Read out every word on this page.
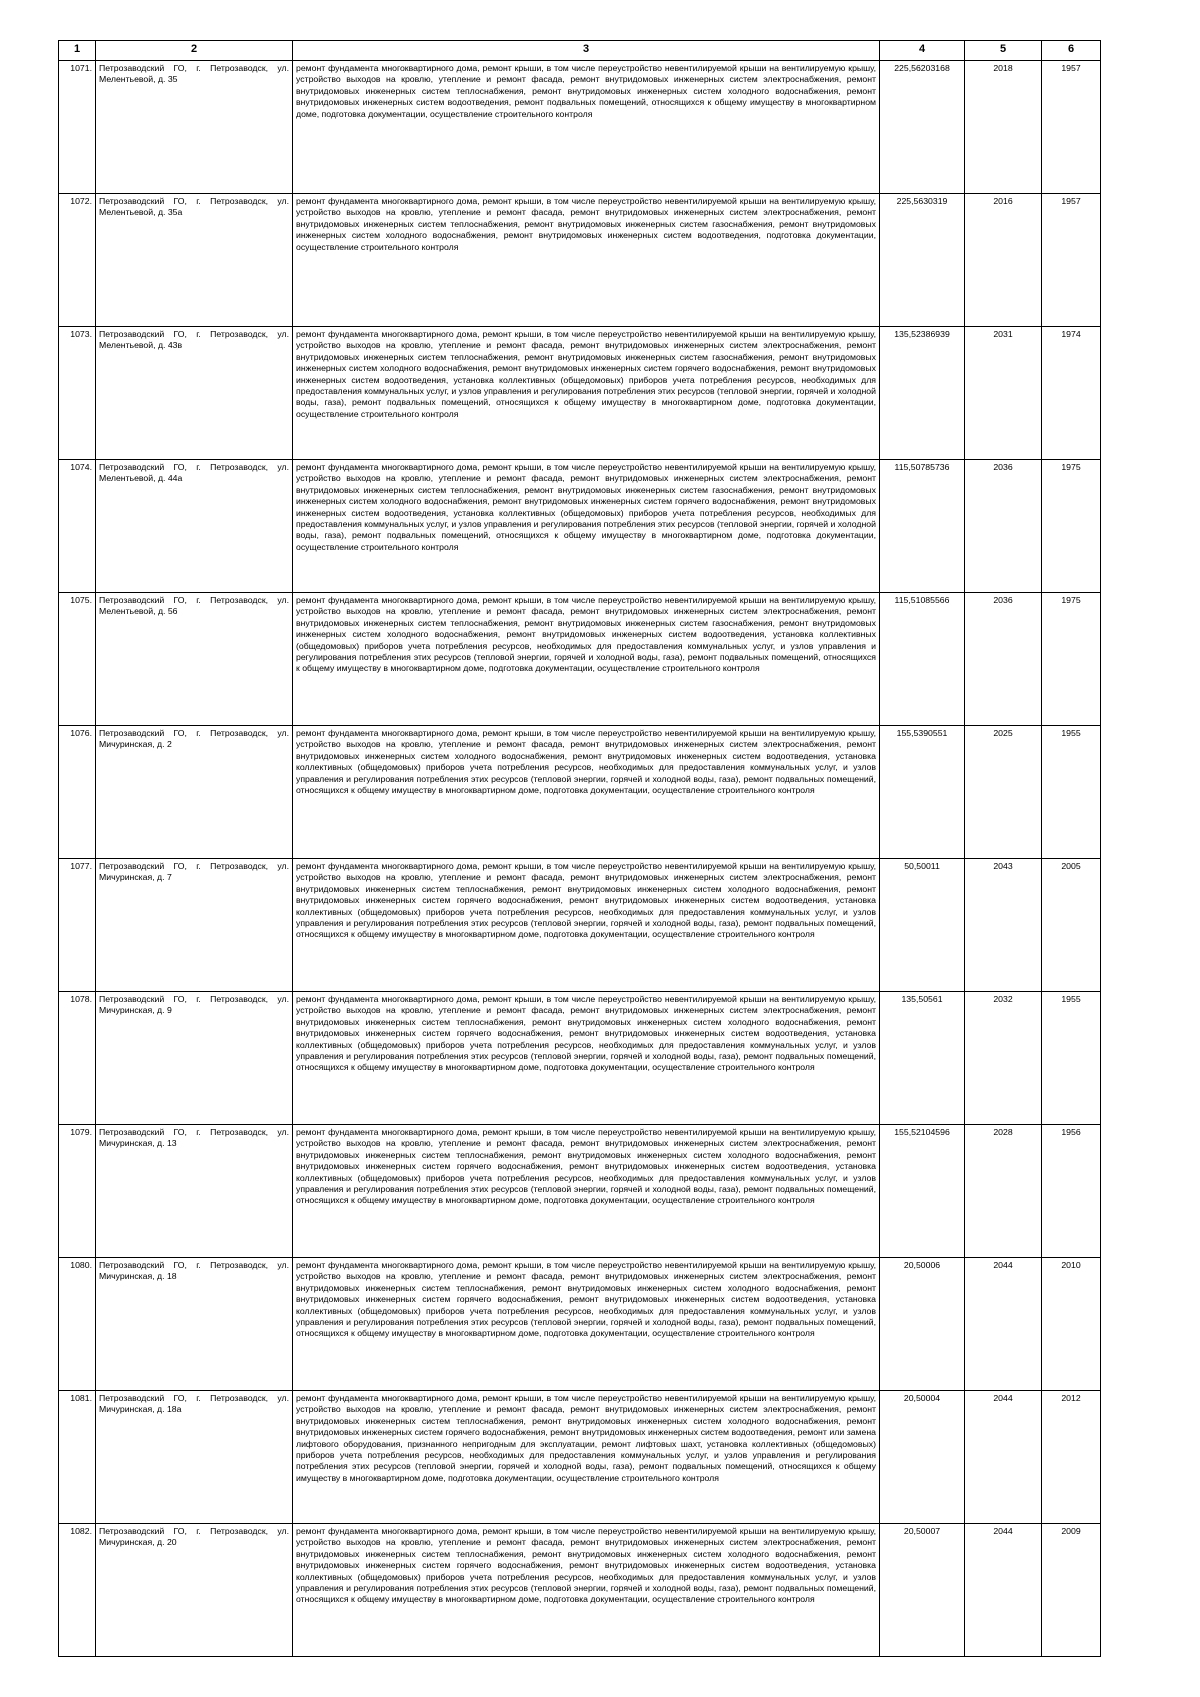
1	2	3	4	5	6
1071.	Петрозаводский ГО, г. Петрозаводск, ул. Мелентьевой, д. 35	ремонт фундамента многоквартирного дома, ремонт крыши, в том числе переустройство невентилируемой крыши на вентилируемую крышу, устройство выходов на кровлю, утепление и ремонт фасада, ремонт внутридомовых инженерных систем электроснабжения, ремонт внутридомовых инженерных систем теплоснабжения, ремонт внутридомовых инженерных систем холодного водоснабжения, ремонт внутридомовых инженерных систем водоотведения, ремонт подвальных помещений, относящихся к общему имуществу в многоквартирном доме, подготовка документации, осуществление строительного контроля	225,56203168	2018	1957
1072.	Петрозаводский ГО, г. Петрозаводск, ул. Мелентьевой, д. 35а	ремонт фундамента многоквартирного дома, ремонт крыши, в том числе переустройство невентилируемой крыши на вентилируемую крышу, устройство выходов на кровлю, утепление и ремонт фасада, ремонт внутридомовых инженерных систем электроснабжения, ремонт внутридомовых инженерных систем теплоснабжения, ремонт внутридомовых инженерных систем газоснабжения, ремонт внутридомовых инженерных систем холодного водоснабжения, ремонт внутридомовых инженерных систем водоотведения, подготовка документации, осуществление строительного контроля	225,5630319	2016	1957
1073.	Петрозаводский ГО, г. Петрозаводск, ул. Мелентьевой, д. 43в	ремонт фундамента многоквартирного дома, ремонт крыши, в том числе переустройство невентилируемой крыши на вентилируемую крышу, устройство выходов на кровлю, утепление и ремонт фасада, ремонт внутридомовых инженерных систем электроснабжения, ремонт внутридомовых инженерных систем теплоснабжения, ремонт внутридомовых инженерных систем газоснабжения, ремонт внутридомовых инженерных систем холодного водоснабжения, ремонт внутридомовых инженерных систем горячего водоснабжения, ремонт внутридомовых инженерных систем водоотведения, установка коллективных (общедомовых) приборов учета потребления ресурсов, необходимых для предоставления коммунальных услуг, и узлов управления и регулирования потребления этих ресурсов (тепловой энергии, горячей и холодной воды, газа), ремонт подвальных помещений, относящихся к общему имуществу в многоквартирном доме, подготовка документации, осуществление строительного контроля	135,52386939	2031	1974
1074.	Петрозаводский ГО, г. Петрозаводск, ул. Мелентьевой, д. 44а	ремонт фундамента многоквартирного дома, ремонт крыши, в том числе переустройство невентилируемой крыши на вентилируемую крышу, устройство выходов на кровлю, утепление и ремонт фасада, ремонт внутридомовых инженерных систем электроснабжения, ремонт внутридомовых инженерных систем теплоснабжения, ремонт внутридомовых инженерных систем газоснабжения, ремонт внутридомовых инженерных систем холодного водоснабжения, ремонт внутридомовых инженерных систем горячего водоснабжения, ремонт внутридомовых инженерных систем водоотведения, установка коллективных (общедомовых) приборов учета потребления ресурсов, необходимых для предоставления коммунальных услуг, и узлов управления и регулирования потребления этих ресурсов (тепловой энергии, горячей и холодной воды, газа), ремонт подвальных помещений, относящихся к общему имуществу в многоквартирном доме, подготовка документации, осуществление строительного контроля	115,50785736	2036	1975
1075.	Петрозаводский ГО, г. Петрозаводск, ул. Мелентьевой, д. 56	ремонт фундамента многоквартирного дома, ремонт крыши, в том числе переустройство невентилируемой крыши на вентилируемую крышу, устройство выходов на кровлю, утепление и ремонт фасада, ремонт внутридомовых инженерных систем электроснабжения, ремонт внутридомовых инженерных систем теплоснабжения, ремонт внутридомовых инженерных систем газоснабжения, ремонт внутридомовых инженерных систем холодного водоснабжения, ремонт внутридомовых инженерных систем водоотведения, установка коллективных (общедомовых) приборов учета потребления ресурсов, необходимых для предоставления коммунальных услуг, и узлов управления и регулирования потребления этих ресурсов (тепловой энергии, горячей и холодной воды, газа), ремонт подвальных помещений, относящихся к общему имуществу в многоквартирном доме, подготовка документации, осуществление строительного контроля	115,51085566	2036	1975
1076.	Петрозаводский ГО, г. Петрозаводск, ул. Мичуринская, д. 2	ремонт фундамента многоквартирного дома, ремонт крыши, в том числе переустройство невентилируемой крыши на вентилируемую крышу, устройство выходов на кровлю, утепление и ремонт фасада, ремонт внутридомовых инженерных систем электроснабжения, ремонт внутридомовых инженерных систем холодного водоснабжения, ремонт внутридомовых инженерных систем водоотведения, установка коллективных (общедомовых) приборов учета потребления ресурсов, необходимых для предоставления коммунальных услуг, и узлов управления и регулирования потребления этих ресурсов (тепловой энергии, горячей и холодной воды, газа), ремонт подвальных помещений, относящихся к общему имуществу в многоквартирном доме, подготовка документации, осуществление строительного контроля	155,5390551	2025	1955
1077.	Петрозаводский ГО, г. Петрозаводск, ул. Мичуринская, д. 7	ремонт фундамента многоквартирного дома, ремонт крыши, в том числе переустройство невентилируемой крыши на вентилируемую крышу, устройство выходов на кровлю, утепление и ремонт фасада, ремонт внутридомовых инженерных систем электроснабжения, ремонт внутридомовых инженерных систем теплоснабжения, ремонт внутридомовых инженерных систем холодного водоснабжения, ремонт внутридомовых инженерных систем горячего водоснабжения, ремонт внутридомовых инженерных систем водоотведения, установка коллективных (общедомовых) приборов учета потребления ресурсов, необходимых для предоставления коммунальных услуг, и узлов управления и регулирования потребления этих ресурсов (тепловой энергии, горячей и холодной воды, газа), ремонт подвальных помещений, относящихся к общему имуществу в многоквартирном доме, подготовка документации, осуществление строительного контроля	50,50011	2043	2005
1078.	Петрозаводский ГО, г. Петрозаводск, ул. Мичуринская, д. 9	ремонт фундамента многоквартирного дома, ремонт крыши, в том числе переустройство невентилируемой крыши на вентилируемую крышу, устройство выходов на кровлю, утепление и ремонт фасада, ремонт внутридомовых инженерных систем электроснабжения, ремонт внутридомовых инженерных систем теплоснабжения, ремонт внутридомовых инженерных систем холодного водоснабжения, ремонт внутридомовых инженерных систем горячего водоснабжения, ремонт внутридомовых инженерных систем водоотведения, установка коллективных (общедомовых) приборов учета потребления ресурсов, необходимых для предоставления коммунальных услуг, и узлов управления и регулирования потребления этих ресурсов (тепловой энергии, горячей и холодной воды, газа), ремонт подвальных помещений, относящихся к общему имуществу в многоквартирном доме, подготовка документации, осуществление строительного контроля	135,50561	2032	1955
1079.	Петрозаводский ГО, г. Петрозаводск, ул. Мичуринская, д. 13	ремонт фундамента многоквартирного дома, ремонт крыши, в том числе переустройство невентилируемой крыши на вентилируемую крышу, устройство выходов на кровлю, утепление и ремонт фасада, ремонт внутридомовых инженерных систем электроснабжения, ремонт внутридомовых инженерных систем теплоснабжения, ремонт внутридомовых инженерных систем холодного водоснабжения, ремонт внутридомовых инженерных систем горячего водоснабжения, ремонт внутридомовых инженерных систем водоотведения, установка коллективных (общедомовых) приборов учета потребления ресурсов, необходимых для предоставления коммунальных услуг, и узлов управления и регулирования потребления этих ресурсов (тепловой энергии, горячей и холодной воды, газа), ремонт подвальных помещений, относящихся к общему имуществу в многоквартирном доме, подготовка документации, осуществление строительного контроля	155,52104596	2028	1956
1080.	Петрозаводский ГО, г. Петрозаводск, ул. Мичуринская, д. 18	ремонт фундамента многоквартирного дома, ремонт крыши, в том числе переустройство невентилируемой крыши на вентилируемую крышу, устройство выходов на кровлю, утепление и ремонт фасада, ремонт внутридомовых инженерных систем электроснабжения, ремонт внутридомовых инженерных систем теплоснабжения, ремонт внутридомовых инженерных систем холодного водоснабжения, ремонт внутридомовых инженерных систем горячего водоснабжения, ремонт внутридомовых инженерных систем водоотведения, установка коллективных (общедомовых) приборов учета потребления ресурсов, необходимых для предоставления коммунальных услуг, и узлов управления и регулирования потребления этих ресурсов (тепловой энергии, горячей и холодной воды, газа), ремонт подвальных помещений, относящихся к общему имуществу в многоквартирном доме, подготовка документации, осуществление строительного контроля	20,50006	2044	2010
1081.	Петрозаводский ГО, г. Петрозаводск, ул. Мичуринская, д. 18а	ремонт фундамента многоквартирного дома, ремонт крыши, в том числе переустройство невентилируемой крыши на вентилируемую крышу, устройство выходов на кровлю, утепление и ремонт фасада, ремонт внутридомовых инженерных систем электроснабжения, ремонт внутридомовых инженерных систем теплоснабжения, ремонт внутридомовых инженерных систем холодного водоснабжения, ремонт внутридомовых инженерных систем горячего водоснабжения, ремонт внутридомовых инженерных систем водоотведения, ремонт или замена лифтового оборудования, признанного непригодным для эксплуатации, ремонт лифтовых шахт, установка коллективных (общедомовых) приборов учета потребления ресурсов, необходимых для предоставления коммунальных услуг, и узлов управления и регулирования потребления этих ресурсов (тепловой энергии, горячей и холодной воды, газа), ремонт подвальных помещений, относящихся к общему имуществу в многоквартирном доме, подготовка документации, осуществление строительного контроля	20,50004	2044	2012
1082.	Петрозаводский ГО, г. Петрозаводск, ул. Мичуринская, д. 20	ремонт фундамента многоквартирного дома, ремонт крыши, в том числе переустройство невентилируемой крыши на вентилируемую крышу, устройство выходов на кровлю, утепление и ремонт фасада, ремонт внутридомовых инженерных систем электроснабжения, ремонт внутридомовых инженерных систем теплоснабжения, ремонт внутридомовых инженерных систем холодного водоснабжения, ремонт внутридомовых инженерных систем горячего водоснабжения, ремонт внутридомовых инженерных систем водоотведения, установка коллективных (общедомовых) приборов учета потребления ресурсов, необходимых для предоставления коммунальных услуг, и узлов управления и регулирования потребления этих ресурсов (тепловой энергии, горячей и холодной воды, газа), ремонт подвальных помещений, относящихся к общему имуществу в многоквартирном доме, подготовка документации, осуществление строительного контроля	20,50007	2044	2009
